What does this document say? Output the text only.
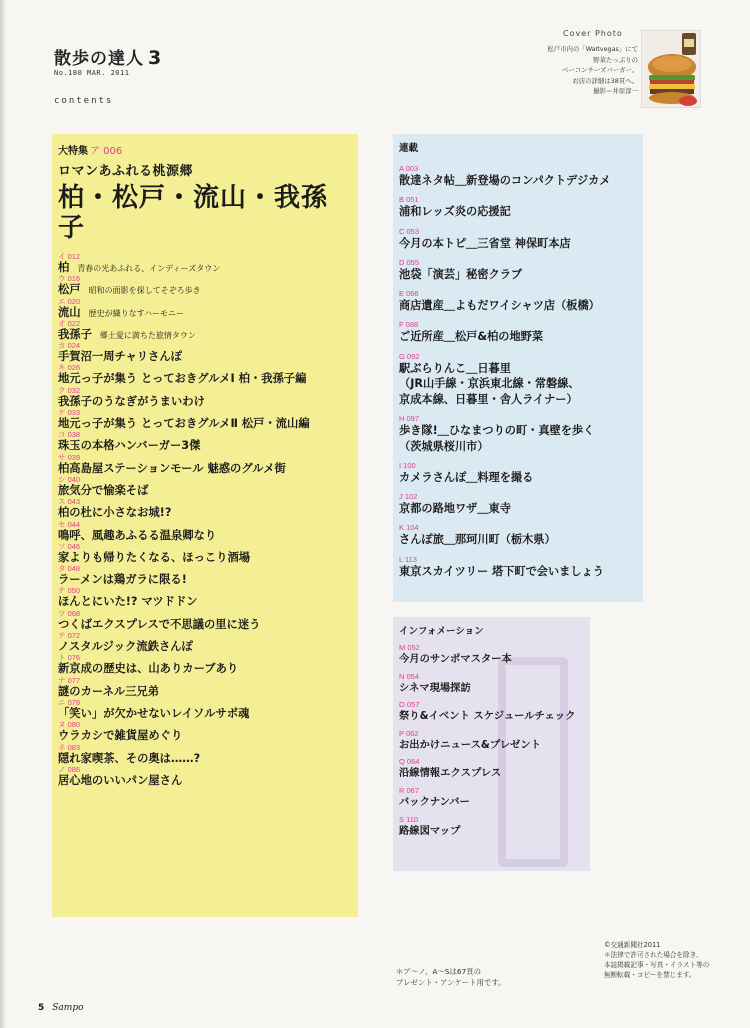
散歩の達人 3
No.180 MAR. 2011
contents
Cover Photo
松戸市内の「Waltvegas」にて
野菜たっぷりの
ベーコンチーズバーガー。
お店の詳細は38頁へ。
撮影＝井原淳一
大特集 ア 006
ロマンあふれる桃源郷
柏・松戸・流山・我孫子
イ 012
柏 青春の光あふれる、インディーズタウン
ウ 016
松戸 昭和の面影を探してそぞろ歩き
エ 020
流山 歴史が織りなすハーモニー
オ 022
我孫子 郷土愛に満ちた旅情タウン
カ 024
手賀沼一周チャリさんぽ
キ 026
地元っ子が集う とっておきグルメⅠ 柏・我孫子編
ク 032
我孫子のうなぎがうまいわけ
ケ 033
地元っ子が集う とっておきグルメⅡ 松戸・流山編
コ 038
珠玉の本格ハンバーガー3傑
サ 039
柏高島屋ステーションモール 魅惑のグルメ街
シ 040
旅気分で愉楽そば
ス 043
柏の杜に小さなお城!?
セ 044
鳴呼、風趣あふるる温泉卿なり
ソ 046
家よりも帰りたくなる、ほっこり酒場
タ 048
ラーメンは鶏ガラに限る!
チ 050
ほんとにいた!? マツドドン
ツ 068
つくばエクスプレスで不思議の里に迷う
テ 072
ノスタルジック流鉄さんぽ
ト 076
新京成の歴史は、山ありカーブあり
ナ 077
謎のカーネル三兄弟
ニ 078
「笑い」が欠かせないレイソルサポ魂
ヌ 080
ウラカシで雑貨屋めぐり
ネ 083
隠れ家喫茶、その奥は……?
ノ 086
居心地のいいパン屋さん
連載
A 003
散達ネタ帖＿新登場のコンパクトデジカメ
B 051
浦和レッズ炎の応援記
C 053
今月の本トピ＿三省堂 神保町本店
D 055
池袋「演芸」秘密クラブ
E 066
商店遺産＿よもだワイシャツ店（板橋）
F 088
ご近所産＿松戸&柏の地野菜
G 092
駅ぶらりんこ＿日暮里
（JR山手線・京浜東北線・常磐線、
京成本線、日暮里・舎人ライナー）
H 097
歩き隊!＿ひなまつりの町・真壁を歩く
（茨城県桜川市）
I 100
カメラさんぽ＿料理を撮る
J 102
京都の路地ワザ＿東寺
K 104
さんぽ旅＿那珂川町（栃木県）
L 113
東京スカイツリー 塔下町で会いましょう
インフォメーション
M 052
今月のサンポマスター本
N 054
シネマ現場探訪
O 057
祭り&イベント スケジュールチェック
P 062
お出かけニュース&プレゼント
Q 064
沿線情報エクスプレス
R 067
バックナンバー
S 110
路線図マップ
©交通新聞社2011
＊法律で許可された場合を除き、
本誌掲載記事・写真・イラスト等の
無断転載・コピーを禁じます。
＊ア～ノ、A～Sは67頁の
プレゼント・アンケート用です。
5 Sampo
